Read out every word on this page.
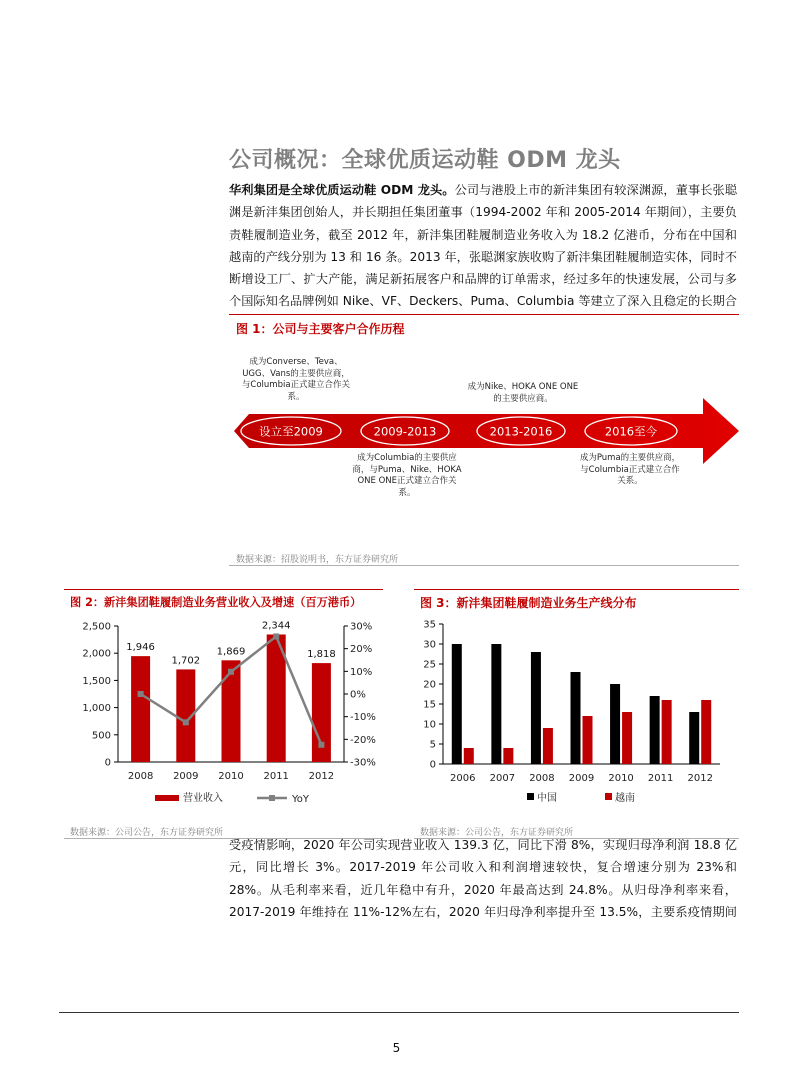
公司概况：全球优质运动鞋 ODM 龙头
华利集团是全球优质运动鞋 ODM 龙头。公司与港股上市的新沣集团有较深渊源，董事长张聪渊是新沣集团创始人，并长期担任集团董事（1994-2002 年和 2005-2014 年期间），主要负责鞋履制造业务，截至 2012 年，新沣集团鞋履制造业务收入为 18.2 亿港币，分布在中国和越南的产线分别为 13 和 16 条。2013 年，张聪渊家族收购了新沣集团鞋履制造实体，同时不断增设工厂、扩大产能，满足新拓展客户和品牌的订单需求，经过多年的快速发展，公司与多个国际知名品牌例如 Nike、VF、Deckers、Puma、Columbia 等建立了深入且稳定的长期合
图 1：公司与主要客户合作历程
设立至2009	2009-2013	2013-2016	2016至今
成为Converse、Teva、UGG、Vans的主要供应商，与Columbia正式建立合作关系。
成为Nike、HOKA ONE ONE的主要供应商。
成为Columbia的主要供应商，与Puma、Nike、HOKA ONE ONE正式建立合作关系。
成为Puma的主要供应商，与Columbia正式建立合作关系。
数据来源：招股说明书，东方证券研究所
图 2：新沣集团鞋履制造业务营业收入及增速（百万港币）
1,946
1,702
1,869
2,344
1,818
0
500
1,000
1,500
2,000
2,500
-30%
-20%
-10%
0%
10%
20%
30%
2008 2009 2010 2011 2012
营业收入	YoY
数据来源：公司公告，东方证券研究所
图 3：新沣集团鞋履制造业务生产线分布
0
5
10
15
20
25
30
35
2006 2007 2008 2009 2010 2011 2012
中国	越南
数据来源：公司公告，东方证券研究所
受疫情影响，2020 年公司实现营业收入 139.3 亿，同比下滑 8%，实现归母净利润 18.8 亿元，同比增长 3%。2017-2019 年公司收入和利润增速较快，复合增速分别为 23%和 28%。从毛利率来看，近几年稳中有升，2020 年最高达到 24.8%。从归母净利率来看，2017-2019 年维持在 11%-12%左右，2020 年归母净利率提升至 13.5%，主要系疫情期间
5
